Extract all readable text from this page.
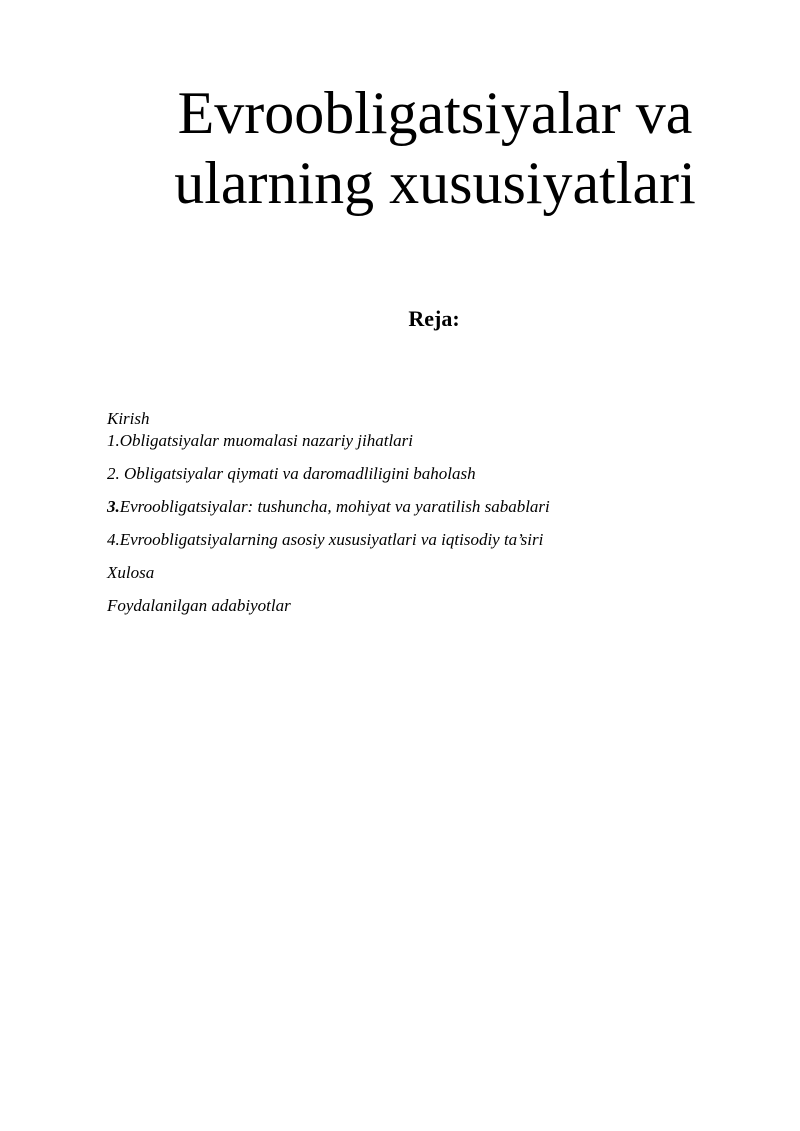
Evroobligatsiyalar va ularning xususiyatlari
Reja:
Kirish
1.Obligatsiyalar muomalasi nazariy jihatlari
2. Obligatsiyalar qiymati va daromadliligini baholash
3.Evroobligatsiyalar: tushuncha, mohiyat va yaratilish sabablari
4.Evroobligatsiyalarning asosiy xususiyatlari va iqtisodiy ta’siri
Xulosa
Foydalanilgan adabiyotlar
